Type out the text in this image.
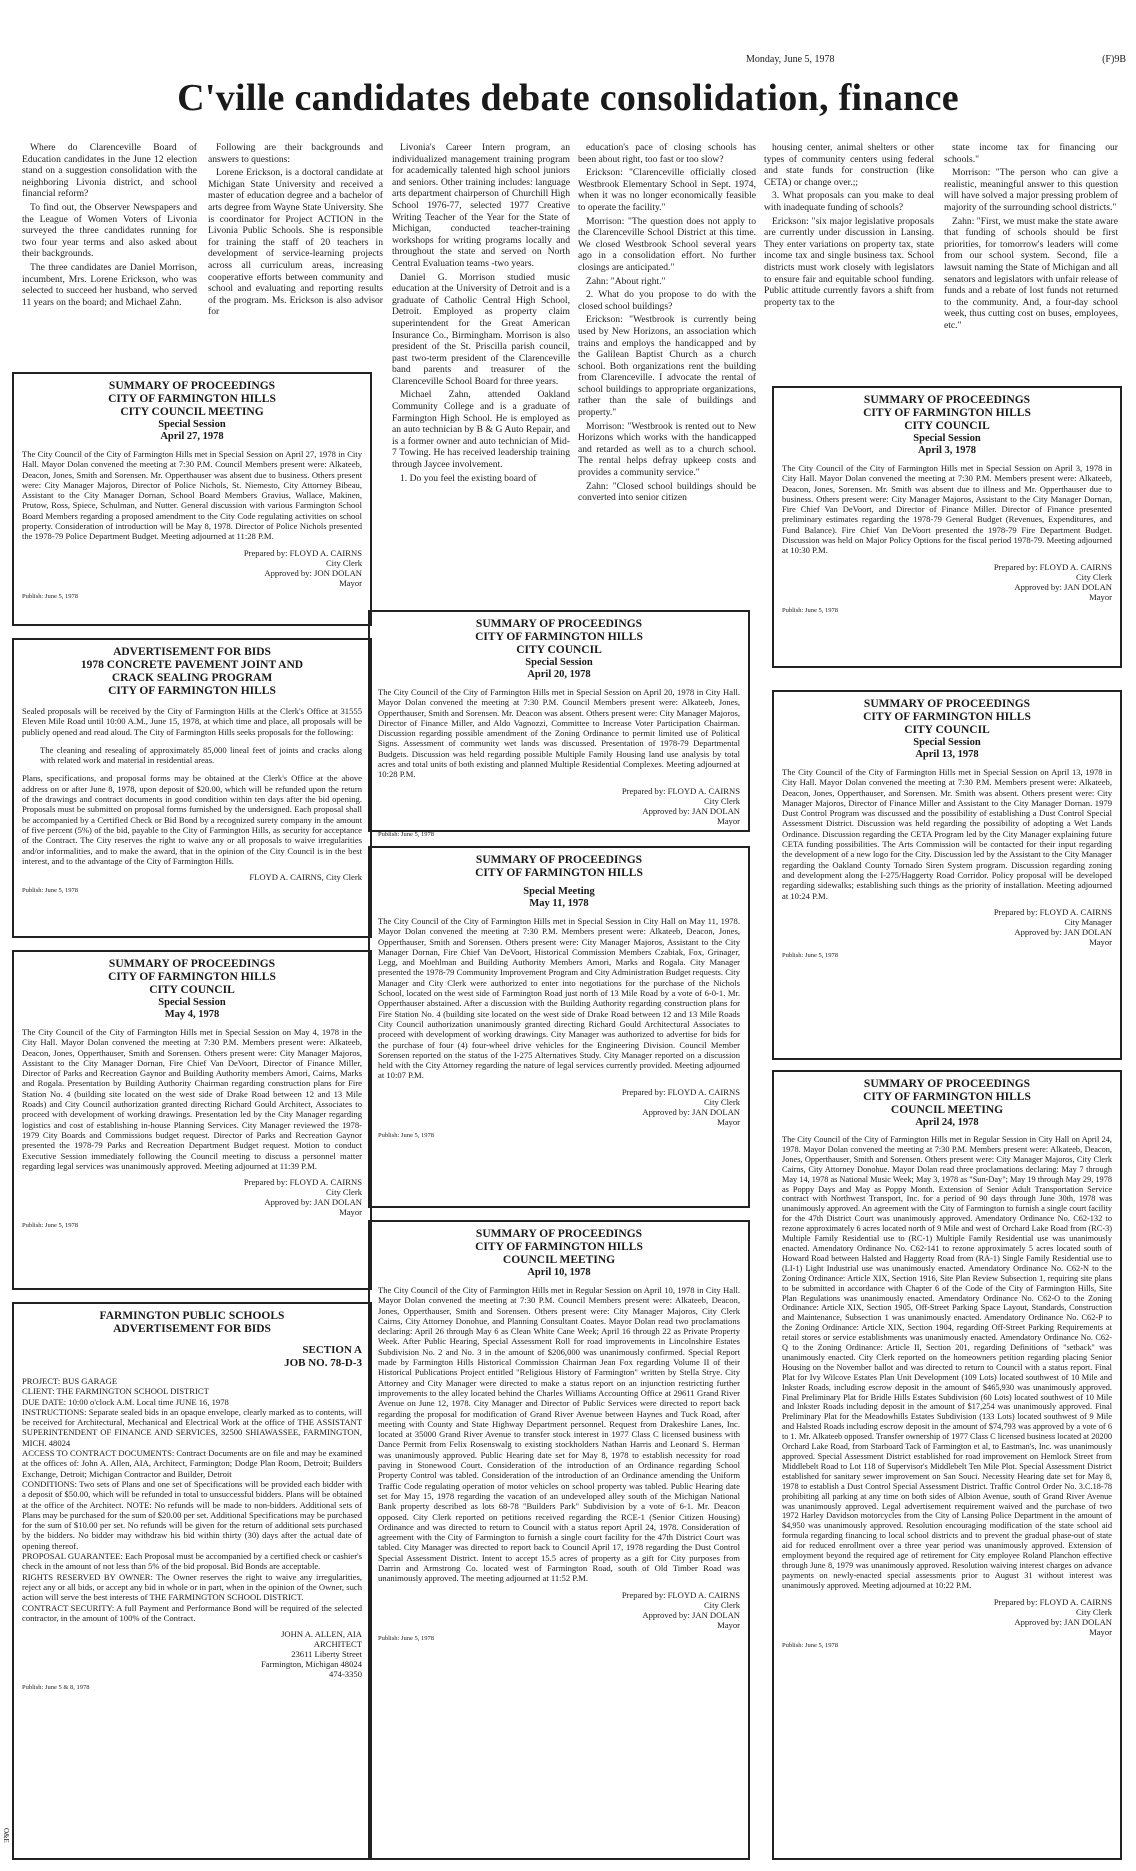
Monday, June 5, 1978	(F)9B
C'ville candidates debate consolidation, finance

Where do Clarenceville Board of Education candidates in the June 12 election stand on a suggestion consolidation with the neighboring Livonia district, and school financial reform?

To find out, the Observer Newspapers and the League of Women Voters of Livonia surveyed the three candidates running for two four year terms and also asked about their backgrounds.

The three candidates are Daniel Morrison, incumbent, Mrs. Lorene Erickson, who was selected to succeed her husband, who served 11 years on the board; and Michael Zahn.

Following are their backgrounds and answers to questions:

Lorene Erickson, is a doctoral candidate at Michigan State University and received a master of education degree and a bachelor of arts degree from Wayne State University. She is coordinator for Project ACTION in the Livonia Public Schools. She is responsible for training the staff of 20 teachers in development of service-learning projects across all curriculum areas, increasing cooperative efforts between community and school and evaluating and reporting results of the program. Ms. Erickson is also advisor for

Livonia's Career Intern program, an individualized management training program for academically talented high school juniors and seniors. Other training includes: language arts department chairperson of Churchill High School 1976-77, selected 1977 Creative Writing Teacher of the Year for the State of Michigan, conducted teacher-training workshops for writing programs locally and throughout the state and served on North Central Evaluation teams -two years.

Daniel G. Morrison studied music education at the University of Detroit and is a graduate of Catholic Central High School, Detroit. Employed as property claim superintendent for the Great American Insurance Co., Birmingham. Morrison is also president of the St. Priscilla parish council, past two-term president of the Clarenceville band parents and treasurer of the Clarenceville School Board for three years.

Michael Zahn, attended Oakland Community College and is a graduate of Farmington High School. He is employed as an auto technician by B & G Auto Repair, and is a former owner and auto technician of Mid-7 Towing. He has received leadership training through Jaycee involvement.

1. Do you feel the existing board of

education's pace of closing schools has been about right, too fast or too slow?

Erickson: "Clarenceville officially closed Westbrook Elementary School in Sept. 1974, when it was no longer economically feasible to operate the facility."

Morrison: "The question does not apply to the Clarenceville School District at this time. We closed Westbrook School several years ago in a consolidation effort. No further closings are anticipated."

Zahn: "About right."

2. What do you propose to do with the closed school buildings?

Erickson: "Westbrook is currently being used by New Horizons, an association which trains and employs the handicapped and by the Galilean Baptist Church as a church school. Both organizations rent the building from Clarenceville. I advocate the rental of school buildings to appropriate organizations, rather than the sale of buildings and property."

Morrison: "Westbrook is rented out to New Horizons which works with the handicapped and retarded as well as to a church school. The rental helps defray upkeep costs and provides a community service."

Zahn: "Closed school buildings should be converted into senior citizen

housing center, animal shelters or other types of community centers using federal and state funds for construction (like CETA) or change over.;;

3. What proposals can you make to deal with inadequate funding of schools?

Erickson: "six major legislative proposals are currently under discussion in Lansing. They enter variations on property tax, state income tax and single business tax. School districts must work closely with legislators to ensure fair and equitable school funding. Public attitude currently favors a shift from property tax to the

state income tax for financing our schools."

Morrison: "The person who can give a realistic, meaningful answer to this question will have solved a major pressing problem of majority of the surrounding school districts."

Zahn: "First, we must make the state aware that funding of schools should be first priorities, for tomorrow's leaders will come from our school system. Second, file a lawsuit naming the State of Michigan and all senators and legislators with unfair release of funds and a rebate of lost funds not returned to the community. And, a four-day school week, thus cutting cost on buses, employees, etc."

SUMMARY OF PROCEEDINGS
CITY OF FARMINGTON HILLS
CITY COUNCIL MEETING
Special Session
April 27, 1978
The City Council of the City of Farmington Hills met in Special Session on April 27, 1978 in City Hall. Mayor Dolan convened the meeting at 7:30 P.M. Council Members present were: Alkateeb, Deacon, Jones, Smith and Sorensen. Mr. Opperthauser was absent due to business. Others present were: City Manager Majoros, Director of Police Nichols, St. Niemesto, City Attorney Bibeau, Assistant to the City Manager Dornan, School Board Members Gravius, Wallace, Makinen, Prutow, Ross, Spiece, Schulman, and Nutter. General discussion with various Farmington School Board Members regarding a proposed amendment to the City Code regulating activities on school property. Consideration of introduction will be May 8, 1978. Director of Police Nichols presented the 1978-79 Police Department Budget. Meeting adjourned at 11:28 P.M.
Prepared by: FLOYD A. CAIRNS
City Clerk
Approved by: JON DOLAN
Mayor
Publish: June 5, 1978
ADVERTISEMENT FOR BIDS
1978 CONCRETE PAVEMENT JOINT AND
CRACK SEALING PROGRAM
CITY OF FARMINGTON HILLS

Sealed proposals will be received by the City of Farmington Hills at the Clerk's Office at 31555 Eleven Mile Road until 10:00 A.M., June 15, 1978, at which time and place, all proposals will be publicly opened and read aloud. The City of Farmington Hills seeks proposals for the following:

The cleaning and resealing of approximately 85,000 lineal feet of joints and cracks along with related work and material in residential areas.

Plans, specifications, and proposal forms may be obtained at the Clerk's Office at the above address on or after June 8, 1978, upon deposit of $20.00, which will be refunded upon the return of the drawings and contract documents in good condition within ten days after the bid opening. Proposals must be submitted on proposal forms furnished by the undersigned. Each proposal shall be accompanied by a Certified Check or Bid Bond by a recognized surety company in the amount of five percent (5%) of the bid, payable to the City of Farmington Hills, as security for acceptance of the Contract. The City reserves the right to waive any or all proposals to waive irregularities and/or informalities, and to make the award, that in the opinion of the City Council is in the best interest, and to the advantage of the City of Farmington Hills.

FLOYD A. CAIRNS, City Clerk
Publish: June 5, 1978
SUMMARY OF PROCEEDINGS
CITY OF FARMINGTON HILLS
CITY COUNCIL
Special Session
May 4, 1978
The City Council of the City of Farmington Hills met in Special Session on May 4, 1978 in the City Hall. Mayor Dolan convened the meeting at 7:30 P.M. Members present were: Alkateeb, Deacon, Jones, Opperthauser, Smith and Sorensen. Others present were: City Manager Majoros, Assistant to the City Manager Dornan, Fire Chief Van DeVoort, Director of Finance Miller, Director of Parks and Recreation Gaynor and Building Authority members Amori, Cairns, Marks and Rogala. Presentation by Building Authority Chairman regarding construction plans for Fire Station No. 4 (building site located on the west side of Drake Road between 12 and 13 Mile Roads) and City Council authorization granted directing Richard Gould Architect, Associates to proceed with development of working drawings. Presentation led by the City Manager regarding logistics and cost of establishing in-house Planning Services. City Manager reviewed the 1978-1979 City Boards and Commissions budget request. Director of Parks and Recreation Gaynor presented the 1978-79 Parks and Recreation Department Budget request. Motion to conduct Executive Session immediately following the Council meeting to discuss a personnel matter regarding legal services was unanimously approved. Meeting adjourned at 11:39 P.M.
Prepared by: FLOYD A. CAIRNS
City Clerk
Approved by: JAN DOLAN
Mayor
Publish: June 5, 1978
FARMINGTON PUBLIC SCHOOLS
ADVERTISEMENT FOR BIDS
SECTION A
JOB NO. 78-D-3

PROJECT: BUS GARAGE

CLIENT: THE FARMINGTON SCHOOL DISTRICT

DUE DATE: 10:00 o'clock A.M. Local time JUNE 16, 1978

INSTRUCTIONS: Separate sealed bids in an opaque envelope, clearly marked as to contents, will be received for Architectural, Mechanical and Electrical Work at the office of THE ASSISTANT SUPERINTENDENT OF FINANCE AND SERVICES, 32500 SHIAWASSEE, FARMINGTON, MICH. 48024

ACCESS TO CONTRACT DOCUMENTS: Contract Documents are on file and may be examined at the offices of: John A. Allen, AIA, Architect, Farmington; Dodge Plan Room, Detroit; Builders Exchange, Detroit; Michigan Contractor and Builder, Detroit

CONDITIONS: Two sets of Plans and one set of Specifications will be provided each bidder with a deposit of $50.00, which will be refunded in total to unsuccessful bidders. Plans will be obtained at the office of the Architect. NOTE: No refunds will be made to non-bidders. Additional sets of Plans may be purchased for the sum of $20.00 per set. Additional Specifications may be purchased for the sum of $10.00 per set. No refunds will be given for the return of additional sets purchased by the bidders. No bidder may withdraw his bid within thirty (30) days after the actual date of opening thereof.

PROPOSAL GUARANTEE: Each Proposal must be accompanied by a certified check or cashier's check in the amount of not less than 5% of the bid proposal. Bid Bonds are acceptable.

RIGHTS RESERVED BY OWNER: The Owner reserves the right to waive any irregularities, reject any or all bids, or accept any bid in whole or in part, when in the opinion of the Owner, such action will serve the best interests of THE FARMINGTON SCHOOL DISTRICT.

CONTRACT SECURITY: A full Payment and Performance Bond will be required of the selected contractor, in the amount of 100% of the Contract.

JOHN A. ALLEN, AIA
ARCHITECT
23611 Liberty Street
Farmington, Michigan 48024
474-3350
Publish: June 5 & 8, 1978
SUMMARY OF PROCEEDINGS
CITY OF FARMINGTON HILLS
CITY COUNCIL
Special Session
April 20, 1978
The City Council of the City of Farmington Hills met in Special Session on April 20, 1978 in City Hall. Mayor Dolan convened the meeting at 7:30 P.M. Council Members present were: Alkateeb, Jones, Opperthauser, Smith and Sorensen. Mr. Deacon was absent. Others present were: City Manager Majoros, Director of Finance Miller, and Aldo Vagnozzi, Committee to Increase Voter Participation Chairman. Discussion regarding possible amendment of the Zoning Ordinance to permit limited use of Political Signs. Assessment of community wet lands was discussed. Presentation of 1978-79 Departmental Budgets. Discussion was held regarding possible Multiple Family Housing land use analysis by total acres and total units of both existing and planned Multiple Residential Complexes. Meeting adjourned at 10:28 P.M.
Prepared by: FLOYD A. CAIRNS
City Clerk
Approved by: JAN DOLAN
Mayor
Publish: June 5, 1978
SUMMARY OF PROCEEDINGS
CITY OF FARMINGTON HILLS
Special Meeting
May 11, 1978
The City Council of the City of Farmington Hills met in Special Session in City Hall on May 11, 1978. Mayor Dolan convened the meeting at 7:30 P.M. Members present were: Alkateeb, Deacon, Jones, Opperthauser, Smith and Sorensen. Others present were: City Manager Majoros, Assistant to the City Manager Dornan, Fire Chief Van DeVoort, Historical Commission Members Czabiak, Fox, Grinager, Legg, and Moehlman and Building Authority Members Amori, Marks and Rogala. City Manager presented the 1978-79 Community Improvement Program and City Administration Budget requests. City Manager and City Clerk were authorized to enter into negotiations for the purchase of the Nichols School, located on the west side of Farmington Road just north of 13 Mile Road by a vote of 6-0-1. Mr. Opperthauser abstained. After a discussion with the Building Authority regarding construction plans for Fire Station No. 4 (building site located on the west side of Drake Road between 12 and 13 Mile Roads City Council authorization unanimously granted directing Richard Gould Architectural Associates to proceed with development of working drawings. City Manager was authorized to advertise for bids for the purchase of four (4) four-wheel drive vehicles for the Engineering Division. Council Member Sorensen reported on the status of the I-275 Alternatives Study. City Manager reported on a discussion held with the City Attorney regarding the nature of legal services currently provided. Meeting adjourned at 10:07 P.M.
Prepared by: FLOYD A. CAIRNS
City Clerk
Approved by: JAN DOLAN
Mayor
Publish: June 5, 1978
SUMMARY OF PROCEEDINGS
CITY OF FARMINGTON HILLS
COUNCIL MEETING
April 10, 1978
The City Council of the City of Farmington Hills met in Regular Session on April 10, 1978 in City Hall. Mayor Dolan convened the meeting at 7:30 P.M. Council Members present were: Alkateeb, Deacon, Jones, Opperthauser, Smith and Sorensen. Others present were: City Manager Majoros, City Clerk Cairns, City Attorney Donohue, and Planning Consultant Coates. Mayor Dolan read two proclamations declaring: April 26 through May 6 as Clean White Cane Week; April 16 through 22 as Private Property Week. After Public Hearing, Special Assessment Roll for road improvements in Lincolnshire Estates Subdivision No. 2 and No. 3 in the amount of $206,000 was unanimously confirmed. Special Report made by Farmington Hills Historical Commission Chairman Jean Fox regarding Volume II of their Historical Publications Project entitled "Religious History of Farmington" written by Stella Strye. City Attorney and City Manager were directed to make a status report on an injunction restricting further improvements to the alley located behind the Charles Williams Accounting Office at 29611 Grand River Avenue on June 12, 1978. City Manager and Director of Public Services were directed to report back regarding the proposal for modification of Grand River Avenue between Haynes and Tuck Road, after meeting with County and State Highway Department personnel. Request from Drakeshire Lanes, Inc. located at 35000 Grand River Avenue to transfer stock interest in 1977 Class C licensed business with Dance Permit from Felix Rosenswalg to existing stockholders Nathan Harris and Leonard S. Herman was unanimously approved. Public Hearing date set for May 8, 1978 to establish necessity for road paving in Stonewood Court. Consideration of the introduction of an Ordinance regarding School Property Control was tabled. Consideration of the introduction of an Ordinance amending the Uniform Traffic Code regulating operation of motor vehicles on school property was tabled. Public Hearing date set for May 15, 1978 regarding the vacation of an undeveloped alley south of the Michigan National Bank property described as lots 68-78 "Builders Park" Subdivision by a vote of 6-1. Mr. Deacon opposed. City Clerk reported on petitions received regarding the RCE-1 (Senior Citizen Housing) Ordinance and was directed to return to Council with a status report April 24, 1978. Consideration of agreement with the City of Farmington to furnish a single court facility for the 47th District Court was tabled. City Manager was directed to report back to Council April 17, 1978 regarding the Dust Control Special Assessment District. Intent to accept 15.5 acres of property as a gift for City purposes from Darrin and Armstrong Co. located west of Farmington Road, south of Old Timber Road was unanimously approved. The meeting adjourned at 11:52 P.M.
Prepared by: FLOYD A. CAIRNS
City Clerk
Approved by: JAN DOLAN
Mayor
Publish: June 5, 1978
SUMMARY OF PROCEEDINGS
CITY OF FARMINGTON HILLS
CITY COUNCIL
Special Session
April 3, 1978
The City Council of the City of Farmington Hills met in Special Session on April 3, 1978 in City Hall. Mayor Dolan convened the meeting at 7:30 P.M. Members present were: Alkateeb, Deacon, Jones, Sorensen. Mr. Smith was absent due to illness and Mr. Opperthauser due to business. Others present were: City Manager Majoros, Assistant to the City Manager Dornan, Fire Chief Van DeVoort, and Director of Finance Miller. Director of Finance presented preliminary estimates regarding the 1978-79 General Budget (Revenues, Expenditures, and Fund Balance). Fire Chief Van DeVoort presented the 1978-79 Fire Department Budget. Discussion was held on Major Policy Options for the fiscal period 1978-79. Meeting adjourned at 10:30 P.M.
Prepared by: FLOYD A. CAIRNS
City Clerk
Approved by: JAN DOLAN
Mayor
Publish: June 5, 1978
SUMMARY OF PROCEEDINGS
CITY OF FARMINGTON HILLS
CITY COUNCIL
Special Session
April 13, 1978
The City Council of the City of Farmington Hills met in Special Session on April 13, 1978 in City Hall. Mayor Dolan convened the meeting at 7:30 P.M. Members present were: Alkateeb, Deacon, Jones, Opperthauser, and Sorensen. Mr. Smith was absent. Others present were: City Manager Majoros, Director of Finance Miller and Assistant to the City Manager Dornan. 1979 Dust Control Program was discussed and the possibility of establishing a Dust Control Special Assessment District. Discussion was held regarding the possibility of adopting a Wet Lands Ordinance. Discussion regarding the CETA Program led by the City Manager explaining future CETA funding possibilities. The Arts Commission will be contacted for their input regarding the development of a new logo for the City. Discussion led by the Assistant to the City Manager regarding the Oakland County Tornado Siren System program. Discussion regarding zoning and development along the I-275/Haggerty Road Corridor. Policy proposal will be developed regarding sidewalks; establishing such things as the priority of installation. Meeting adjourned at 10:24 P.M.
Prepared by: FLOYD A. CAIRNS
City Manager
Approved by: JAN DOLAN
Mayor
Publish: June 5, 1978
SUMMARY OF PROCEEDINGS
CITY OF FARMINGTON HILLS
COUNCIL MEETING
April 24, 1978
The City Council of the City of Farmington Hills met in Regular Session in City Hall on April 24, 1978. Mayor Dolan convened the meeting at 7:30 P.M. Members present were: Alkateeb, Deacon, Jones, Opperthauser, Smith and Sorensen. Others present were: City Manager Majoros, City Clerk Cairns, City Attorney Donohue. Mayor Dolan read three proclamations declaring: May 7 through May 14, 1978 as National Music Week; May 3, 1978 as "Sun-Day"; May 19 through May 29, 1978 as Poppy Days and May as Poppy Month. Extension of Senior Adult Transportation Service contract with Northwest Transport, Inc. for a period of 90 days through June 30th, 1978 was unanimously approved. An agreement with the City of Farmington to furnish a single court facility for the 47th District Court was unanimously approved. Amendatory Ordinance No. C62-132 to rezone approximately 6 acres located north of 9 Mile and west of Orchard Lake Road from (RC-3) Multiple Family Residential use to (RC-1) Multiple Family Residential use was unanimously enacted. Amendatory Ordinance No. C62-141 to rezone approximately 5 acres located south of Howard Road between Halsted and Haggerty Road from (RA-1) Single Family Residential use to (LI-1) Light Industrial use was unanimously enacted. Amendatory Ordinance No. C62-N to the Zoning Ordinance: Article XIX, Section 1916, Site Plan Review Subsection 1, requiring site plans to be submitted in accordance with Chapter 6 of the Code of the City of Farmington Hills, Site Plan Regulations was unanimously enacted. Amendatory Ordinance No. C62-O to the Zoning Ordinance: Article XIX, Section 1905, Off-Street Parking Space Layout, Standards, Construction and Maintenance, Subsection 1 was unanimously enacted. Amendatory Ordinance No. C62-P to the Zoning Ordinance: Article XIX, Section 1904, regarding Off-Street Parking Requirements at retail stores or service establishments was unanimously enacted. Amendatory Ordinance No. C62-Q to the Zoning Ordinance: Article II, Section 201, regarding Definitions of "setback" was unanimously enacted. City Clerk reported on the homeowners petition regarding placing Senior Housing on the November ballot and was directed to return to Council with a status report. Final Plat for Ivy Wilcove Estates Plan Unit Development (109 Lots) located southwest of 10 Mile and Inkster Roads, including escrow deposit in the amount of $465,930 was unanimously approved. Final Preliminary Plat for Bridle Hills Estates Subdivision (60 Lots) located southwest of 10 Mile and Inkster Roads including deposit in the amount of $17,254 was unanimously approved. Final Preliminary Plat for the Meadowhills Estates Subdivision (133 Lots) located southwest of 9 Mile and Halsted Roads including escrow deposit in the amount of $74,793 was approved by a vote of 6 to 1. Mr. Alkateeb opposed. Transfer ownership of 1977 Class C licensed business located at 20200 Orchard Lake Road, from Starboard Tack of Farmington et al, to Eastman's, Inc. was unanimously approved. Special Assessment District established for road improvement on Hemlock Street from Middlebelt Road to Lot 118 of Supervisor's Middlebelt Ten Mile Plot. Special Assessment District established for sanitary sewer improvement on San Souci. Necessity Hearing date set for May 8, 1978 to establish a Dust Control Special Assessment District. Traffic Control Order No. 3.C.18-78 prohibiting all parking at any time on both sides of Albion Avenue, south of Grand River Avenue was unanimously approved. Legal advertisement requirement waived and the purchase of two 1972 Harley Davidson motorcycles from the City of Lansing Police Department in the amount of $4,950 was unanimously approved. Resolution encouraging modification of the state school aid formula regarding financing to local school districts and to prevent the gradual phase-out of state aid for reduced enrollment over a three year period was unanimously approved. Extension of employment beyond the required age of retirement for City employee Roland Planchon effective through June 8, 1979 was unanimously approved. Resolution waiving interest charges on advance payments on newly-enacted special assessments prior to August 31 without interest was unanimously approved. Meeting adjourned at 10:22 P.M.
Prepared by: FLOYD A. CAIRNS
City Clerk
Approved by: JAN DOLAN
Mayor
Publish: June 5, 1978
O&E
